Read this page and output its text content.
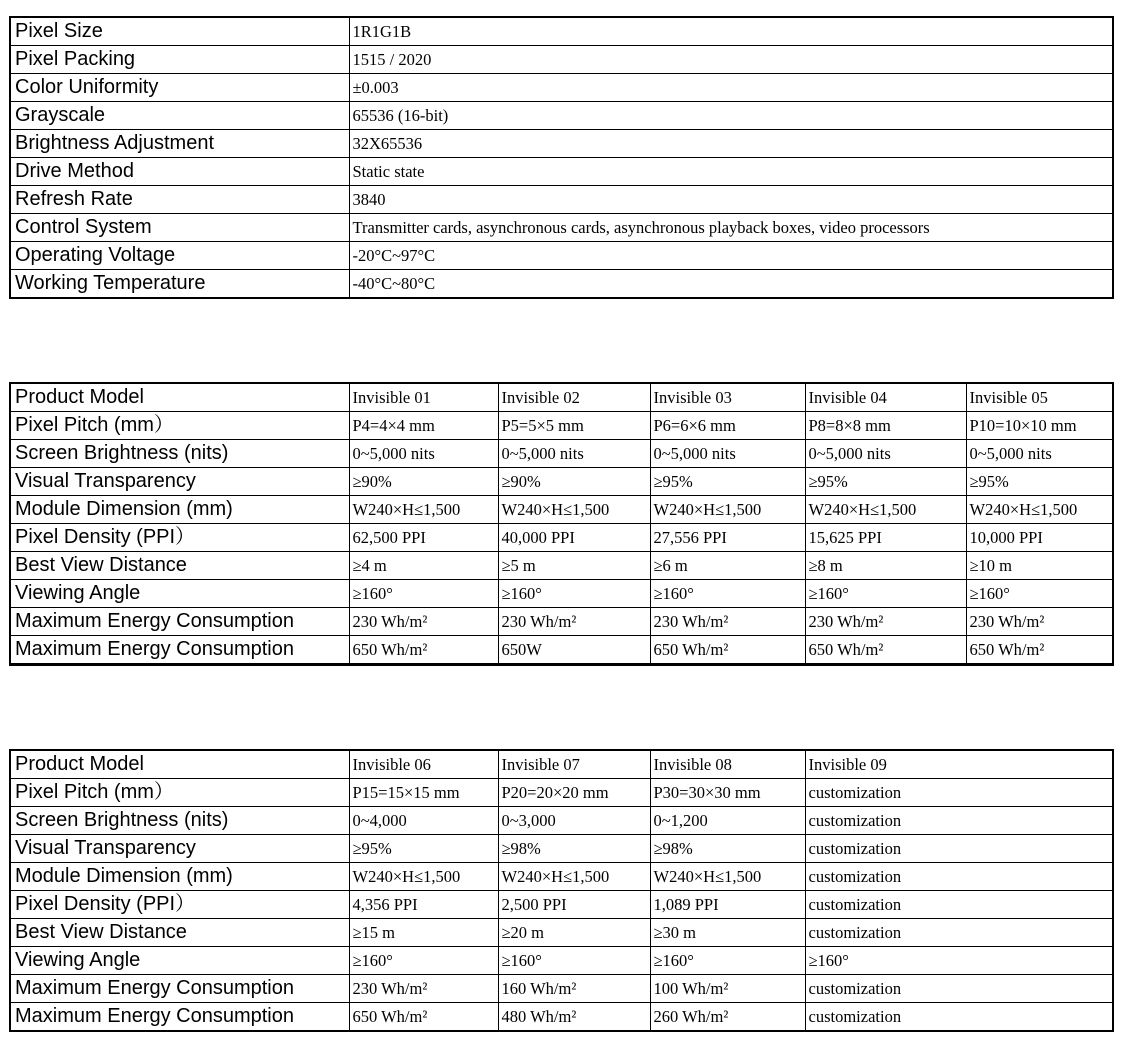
Pixel Size	1R1G1B
Pixel Packing	1515 / 2020
Color Uniformity	±0.003
Grayscale	65536 (16-bit)
Brightness Adjustment	32X65536
Drive Method	Static state
Refresh Rate	3840
Control System	Transmitter cards, asynchronous cards, asynchronous playback boxes, video processors
Operating Voltage	-20°C~97°C
Working Temperature	-40°C~80°C
Product Model	Invisible 01	Invisible 02	Invisible 03	Invisible 04	Invisible 05
Pixel Pitch (mm）	P4=4×4 mm	P5=5×5 mm	P6=6×6 mm	P8=8×8 mm	P10=10×10 mm
Screen Brightness (nits)	0~5,000 nits	0~5,000 nits	0~5,000 nits	0~5,000 nits	0~5,000 nits
Visual Transparency	≥90%	≥90%	≥95%	≥95%	≥95%
Module Dimension (mm)	W240×H≤1,500	W240×H≤1,500	W240×H≤1,500	W240×H≤1,500	W240×H≤1,500
Pixel Density (PPI）	62,500 PPI	40,000 PPI	27,556 PPI	15,625 PPI	10,000 PPI
Best View Distance	≥4 m	≥5 m	≥6 m	≥8 m	≥10 m
Viewing Angle	≥160°	≥160°	≥160°	≥160°	≥160°
Maximum Energy Consumption	230 Wh/m²	230 Wh/m²	230 Wh/m²	230 Wh/m²	230 Wh/m²
Maximum Energy Consumption	650 Wh/m²	650W	650 Wh/m²	650 Wh/m²	650 Wh/m²
Product Model	Invisible 06	Invisible 07	Invisible 08	Invisible 09
Pixel Pitch (mm）	P15=15×15 mm	P20=20×20 mm	P30=30×30 mm	customization
Screen Brightness (nits)	0~4,000	0~3,000	0~1,200	customization
Visual Transparency	≥95%	≥98%	≥98%	customization
Module Dimension (mm)	W240×H≤1,500	W240×H≤1,500	W240×H≤1,500	customization
Pixel Density (PPI）	4,356 PPI	2,500 PPI	1,089 PPI	customization
Best View Distance	≥15 m	≥20 m	≥30 m	customization
Viewing Angle	≥160°	≥160°	≥160°	≥160°
Maximum Energy Consumption	230 Wh/m²	160 Wh/m²	100 Wh/m²	customization
Maximum Energy Consumption	650 Wh/m²	480 Wh/m²	260 Wh/m²	customization
